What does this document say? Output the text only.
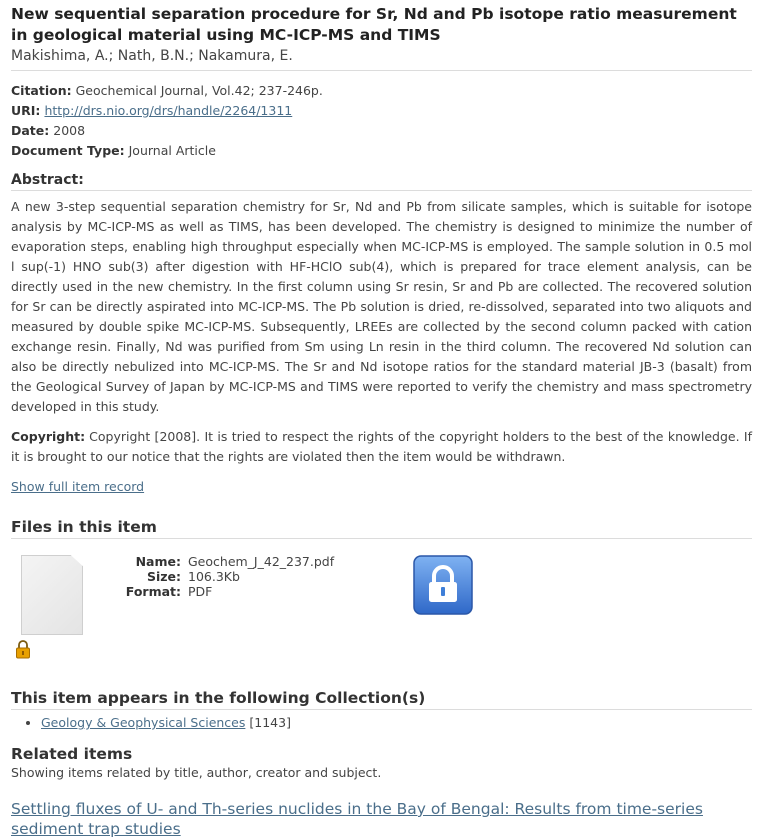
New sequential separation procedure for Sr, Nd and Pb isotope ratio measurement in geological material using MC-ICP-MS and TIMS
Makishima, A.; Nath, B.N.; Nakamura, E.
Citation: Geochemical Journal, Vol.42; 237-246p.
URI: http://drs.nio.org/drs/handle/2264/1311
Date: 2008
Document Type: Journal Article
Abstract:
A new 3-step sequential separation chemistry for Sr, Nd and Pb from silicate samples, which is suitable for isotope analysis by MC-ICP-MS as well as TIMS, has been developed. The chemistry is designed to minimize the number of evaporation steps, enabling high throughput especially when MC-ICP-MS is employed. The sample solution in 0.5 mol l sup(-1) HNO sub(3) after digestion with HF-HClO sub(4), which is prepared for trace element analysis, can be directly used in the new chemistry. In the first column using Sr resin, Sr and Pb are collected. The recovered solution for Sr can be directly aspirated into MC-ICP-MS. The Pb solution is dried, re-dissolved, separated into two aliquots and measured by double spike MC-ICP-MS. Subsequently, LREEs are collected by the second column packed with cation exchange resin. Finally, Nd was purified from Sm using Ln resin in the third column. The recovered Nd solution can also be directly nebulized into MC-ICP-MS. The Sr and Nd isotope ratios for the standard material JB-3 (basalt) from the Geological Survey of Japan by MC-ICP-MS and TIMS were reported to verify the chemistry and mass spectrometry developed in this study.
Copyright: Copyright [2008]. It is tried to respect the rights of the copyright holders to the best of the knowledge. If it is brought to our notice that the rights are violated then the item would be withdrawn.
Show full item record
Files in this item
Name: Geochem_J_42_237.pdf
Size: 106.3Kb
Format: PDF
This item appears in the following Collection(s)
• Geology & Geophysical Sciences [1143]
Related items
Showing items related by title, author, creator and subject.
Settling fluxes of U- and Th-series nuclides in the Bay of Bengal: Results from time-series sediment trap studies
